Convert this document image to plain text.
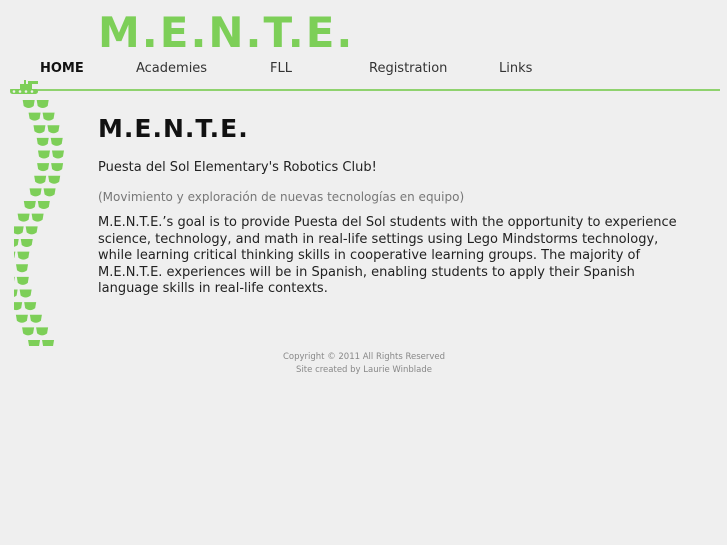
M.E.N.T.E.
HOME	Academies	FLL	Registration	Links
M.E.N.T.E.

Puesta del Sol Elementary's Robotics Club!

(Movimiento y exploración de nuevas tecnologías en equipo)

M.E.N.T.E.’s goal is to provide Puesta del Sol students with the opportunity to experience science, technology, and math in real-life settings using Lego Mindstorms technology, while learning critical thinking skills in cooperative learning groups. The majority of M.E.N.T.E. experiences will be in Spanish, enabling students to apply their Spanish language skills in real-life contexts.

Copyright © 2011 All Rights Reserved
Site created by Laurie Winblade
